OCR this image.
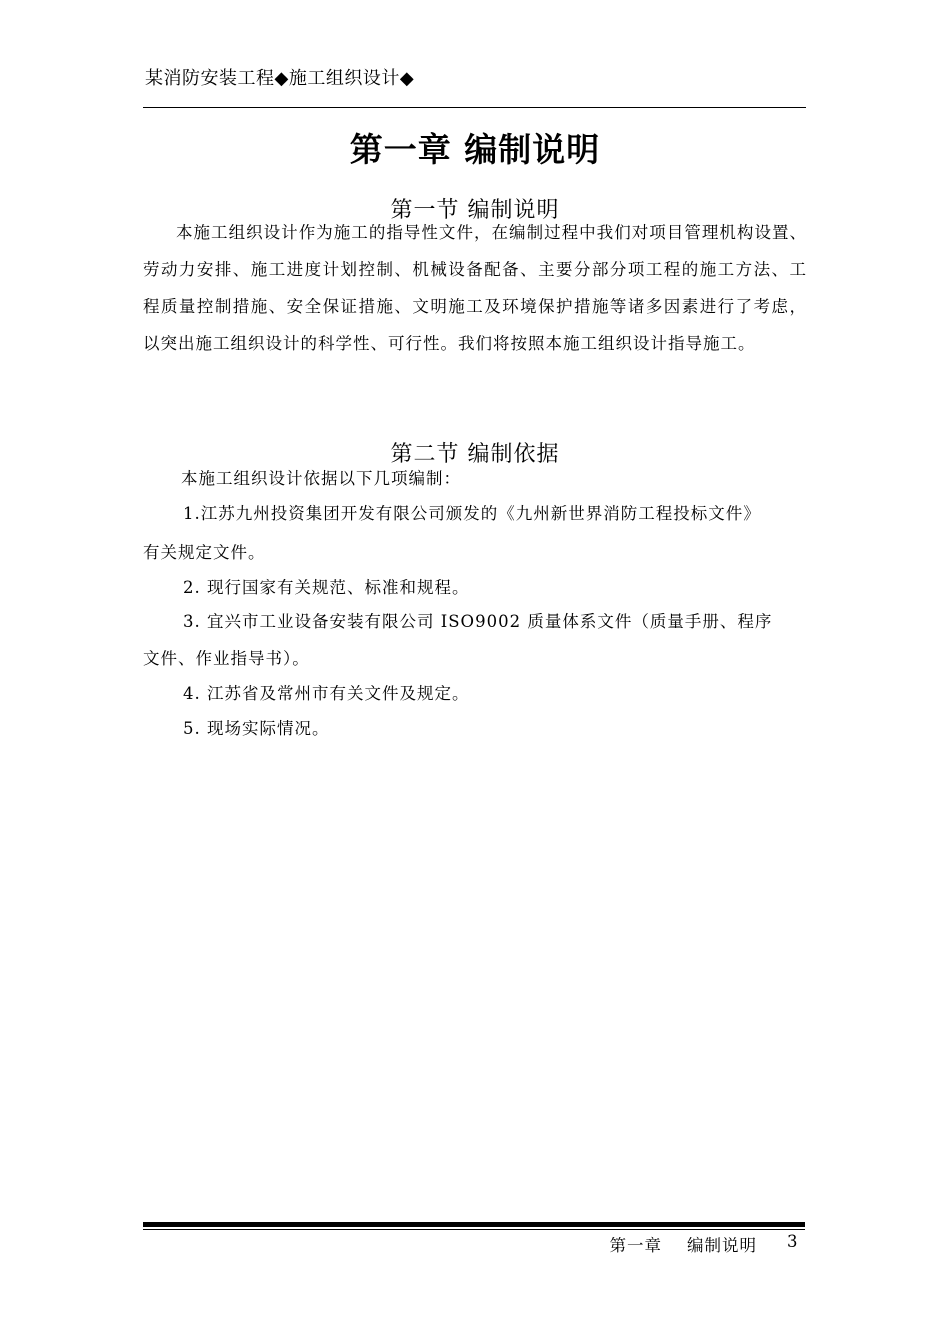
某消防安装工程◆施工组织设计◆
第一章 编制说明
第一节 编制说明

本施工组织设计作为施工的指导性文件，在编制过程中我们对项目管理机构设置、劳动力安排、施工进度计划控制、机械设备配备、主要分部分项工程的施工方法、工程质量控制措施、安全保证措施、文明施工及环境保护措施等诸多因素进行了考虑，以突出施工组织设计的科学性、可行性。我们将按照本施工组织设计指导施工。

第二节 编制依据
本施工组织设计依据以下几项编制：
1.江苏九州投资集团开发有限公司颁发的《九州新世界消防工程投标文件》
有关规定文件。
2. 现行国家有关规范、标准和规程。
3. 宜兴市工业设备安装有限公司 ISO9002 质量体系文件（质量手册、程序
文件、作业指导书）。
4. 江苏省及常州市有关文件及规定。
5. 现场实际情况。
第一章    编制说明 3
